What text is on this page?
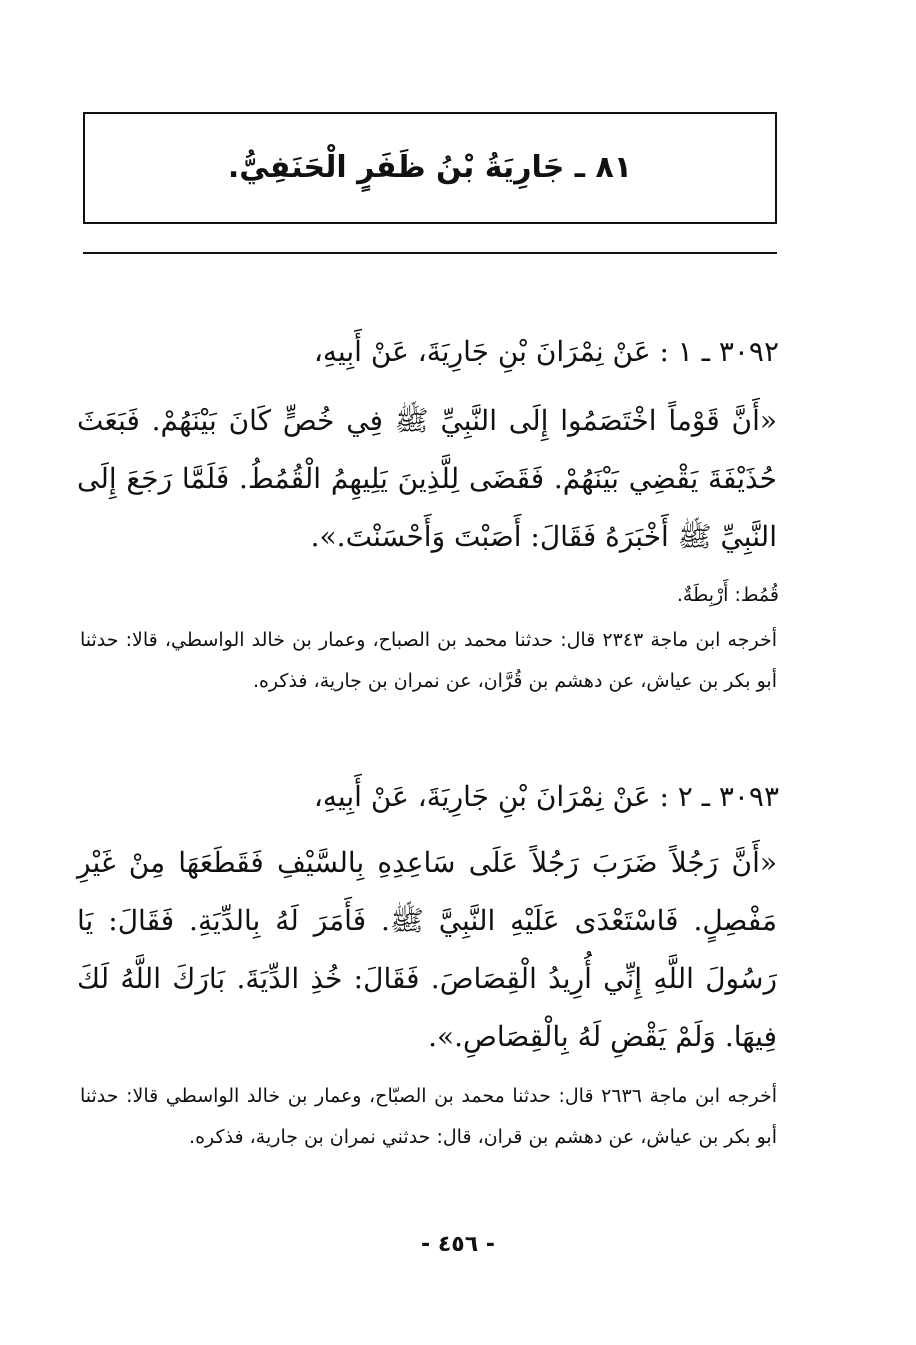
٨١ ـ جَارِيَةُ بْنُ ظَفَرٍ الْحَنَفِيُّ.
٣٠٩٢ ـ ١ : عَنْ نِمْرَانَ بْنِ جَارِيَةَ، عَنْ أَبِيهِ،
«أَنَّ قَوْماً اخْتَصَمُوا إِلَى النَّبِيِّ ﷺ فِي خُصٍّ كَانَ بَيْنَهُمْ. فَبَعَثَ حُذَيْفَةَ يَقْضِي بَيْنَهُمْ. فَقَضَى لِلَّذِينَ يَلِيهِمُ الْقُمُطُ. فَلَمَّا رَجَعَ إِلَى النَّبِيِّ ﷺ أَخْبَرَهُ فَقَالَ: أَصَبْتَ وَأَحْسَنْتَ.».
قُمُط: أَرْبِطَةٌ.
أخرجه ابن ماجة ٢٣٤٣ قال: حدثنا محمد بن الصباح، وعمار بن خالد الواسطي، قالا: حدثنا أبو بكر بن عياش، عن دهشم بن قُرَّان، عن نمران بن جارية، فذكره.
٣٠٩٣ ـ ٢ : عَنْ نِمْرَانَ بْنِ جَارِيَةَ، عَنْ أَبِيهِ،
«أَنَّ رَجُلاً ضَرَبَ رَجُلاً عَلَى سَاعِدِهِ بِالسَّيْفِ فَقَطَعَهَا مِنْ غَيْرِ مَفْصِلٍ. فَاسْتَعْدَى عَلَيْهِ النَّبِيَّ ﷺ. فَأَمَرَ لَهُ بِالدِّيَةِ. فَقَالَ: يَا رَسُولَ اللَّهِ إِنِّي أُرِيدُ الْقِصَاصَ. فَقَالَ: خُذِ الدِّيَةَ. بَارَكَ اللَّهُ لَكَ فِيهَا. وَلَمْ يَقْضِ لَهُ بِالْقِصَاصِ.».
أخرجه ابن ماجة ٢٦٣٦ قال: حدثنا محمد بن الصبّاح، وعمار بن خالد الواسطي قالا: حدثنا أبو بكر بن عياش، عن دهشم بن قران، قال: حدثني نمران بن جارية، فذكره.
- ٤٥٦ -
